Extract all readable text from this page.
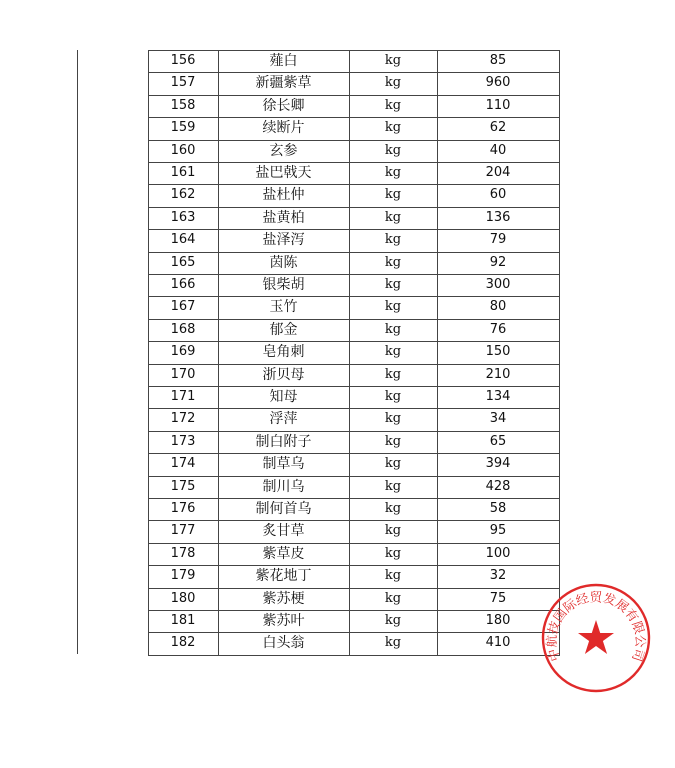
156	薤白	kg	85
157	新疆紫草	kg	960
158	徐长卿	kg	110
159	续断片	kg	62
160	玄参	kg	40
161	盐巴戟天	kg	204
162	盐杜仲	kg	60
163	盐黄柏	kg	136
164	盐泽泻	kg	79
165	茵陈	kg	92
166	银柴胡	kg	300
167	玉竹	kg	80
168	郁金	kg	76
169	皂角刺	kg	150
170	浙贝母	kg	210
171	知母	kg	134
172	浮萍	kg	34
173	制白附子	kg	65
174	制草乌	kg	394
175	制川乌	kg	428
176	制何首乌	kg	58
177	炙甘草	kg	95
178	紫草皮	kg	100
179	紫花地丁	kg	32
180	紫苏梗	kg	75
181	紫苏叶	kg	180
182	白头翁	kg	410
中航技国际经贸发展有限公司
